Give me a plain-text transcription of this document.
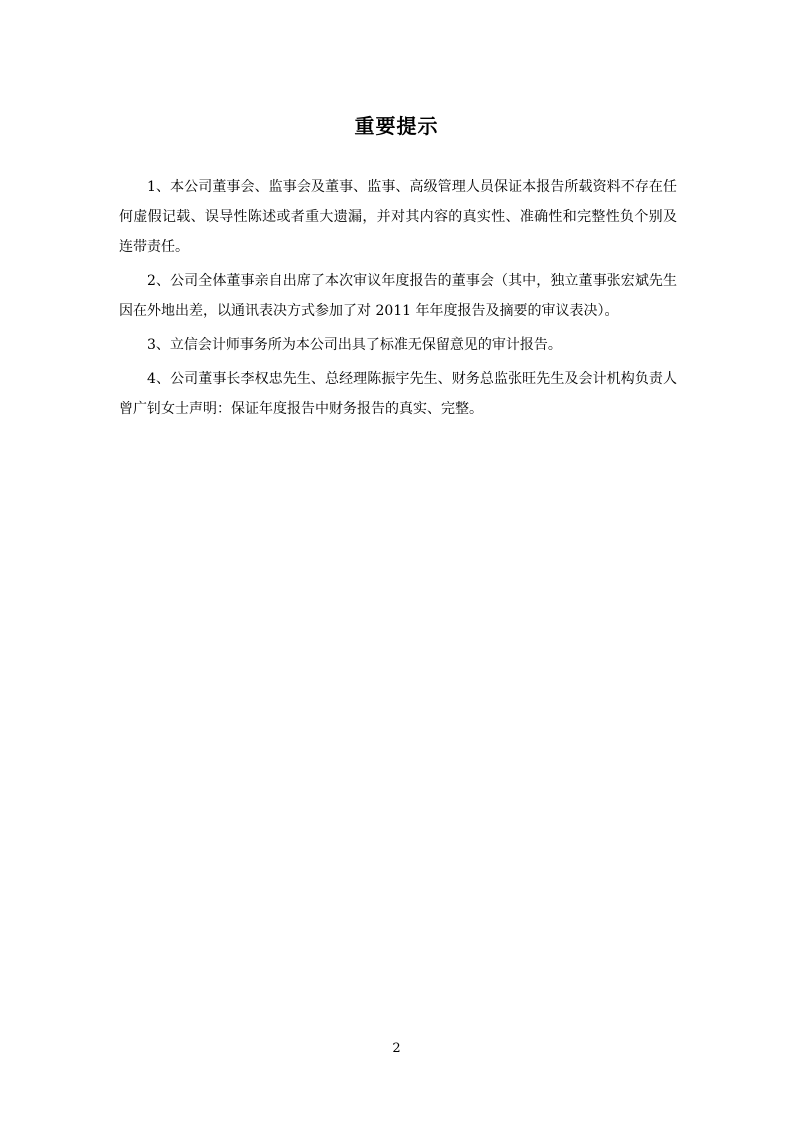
重要提示

1、本公司董事会、监事会及董事、监事、高级管理人员保证本报告所载资料不存在任何虚假记载、误导性陈述或者重大遗漏，并对其内容的真实性、准确性和完整性负个别及连带责任。

2、公司全体董事亲自出席了本次审议年度报告的董事会（其中，独立董事张宏斌先生因在外地出差，以通讯表决方式参加了对 2011 年年度报告及摘要的审议表决）。

3、立信会计师事务所为本公司出具了标准无保留意见的审计报告。

4、公司董事长李权忠先生、总经理陈振宇先生、财务总监张旺先生及会计机构负责人曾广钊女士声明：保证年度报告中财务报告的真实、完整。

2
